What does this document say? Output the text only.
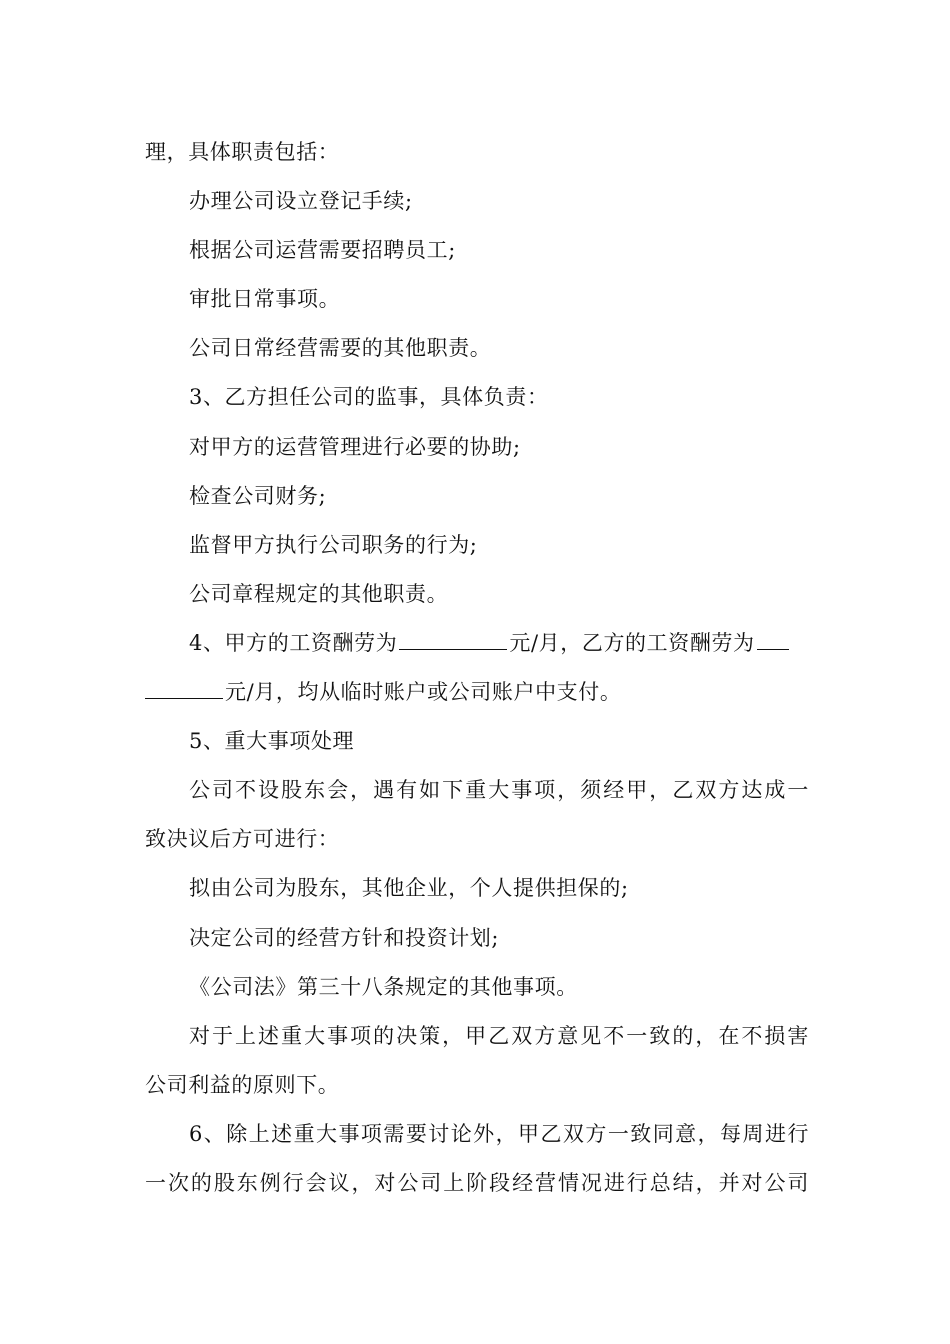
理，具体职责包括：
办理公司设立登记手续;
根据公司运营需要招聘员工;
审批日常事项。
公司日常经营需要的其他职责。
3、乙方担任公司的监事，具体负责：
对甲方的运营管理进行必要的协助;
检查公司财务;
监督甲方执行公司职务的行为;
公司章程规定的其他职责。
4、甲方的工资酬劳为	元/月，乙方的工资酬劳为
元/月，均从临时账户或公司账户中支付。
5、重大事项处理
公司不设股东会，遇有如下重大事项，须经甲，乙双方达成一
致决议后方可进行：
拟由公司为股东，其他企业，个人提供担保的;
决定公司的经营方针和投资计划;
《公司法》第三十八条规定的其他事项。
对于上述重大事项的决策，甲乙双方意见不一致的，在不损害
公司利益的原则下。
6、除上述重大事项需要讨论外，甲乙双方一致同意，每周进行
一次的股东例行会议，对公司上阶段经营情况进行总结，并对公司
